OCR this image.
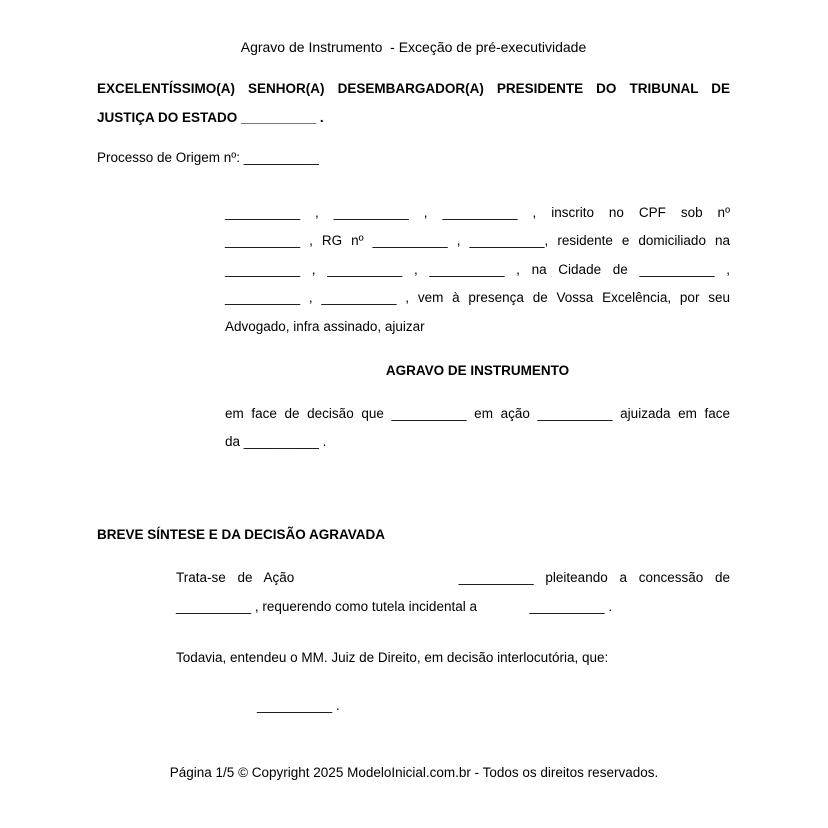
Agravo de Instrumento  - Exceção de pré-executividade
EXCELENTÍSSIMO(A) SENHOR(A) DESEMBARGADOR(A) PRESIDENTE DO TRIBUNAL DE
JUSTIÇA DO ESTADO __________ .
Processo de Origem nº: __________
__________ , __________ , __________ , inscrito no CPF sob nº
__________ , RG nº __________ , __________, residente e domiciliado na
__________ , __________ , __________ , na Cidade de __________ ,
__________ , __________ , vem à presença de Vossa Excelência, por seu
Advogado, infra assinado, ajuizar
AGRAVO DE INSTRUMENTO
em face de decisão que __________ em ação __________ ajuizada em face
da __________ .
BREVE SÍNTESE E DA DECISÃO AGRAVADA
Trata-se de Ação              __________ pleiteando a concessão de
__________ , requerendo como tutela incidental a              __________ .
Todavia, entendeu o MM. Juiz de Direito, em decisão interlocutória, que:
__________ .
Página 1/5 © Copyright 2025 ModeloInicial.com.br - Todos os direitos reservados.
